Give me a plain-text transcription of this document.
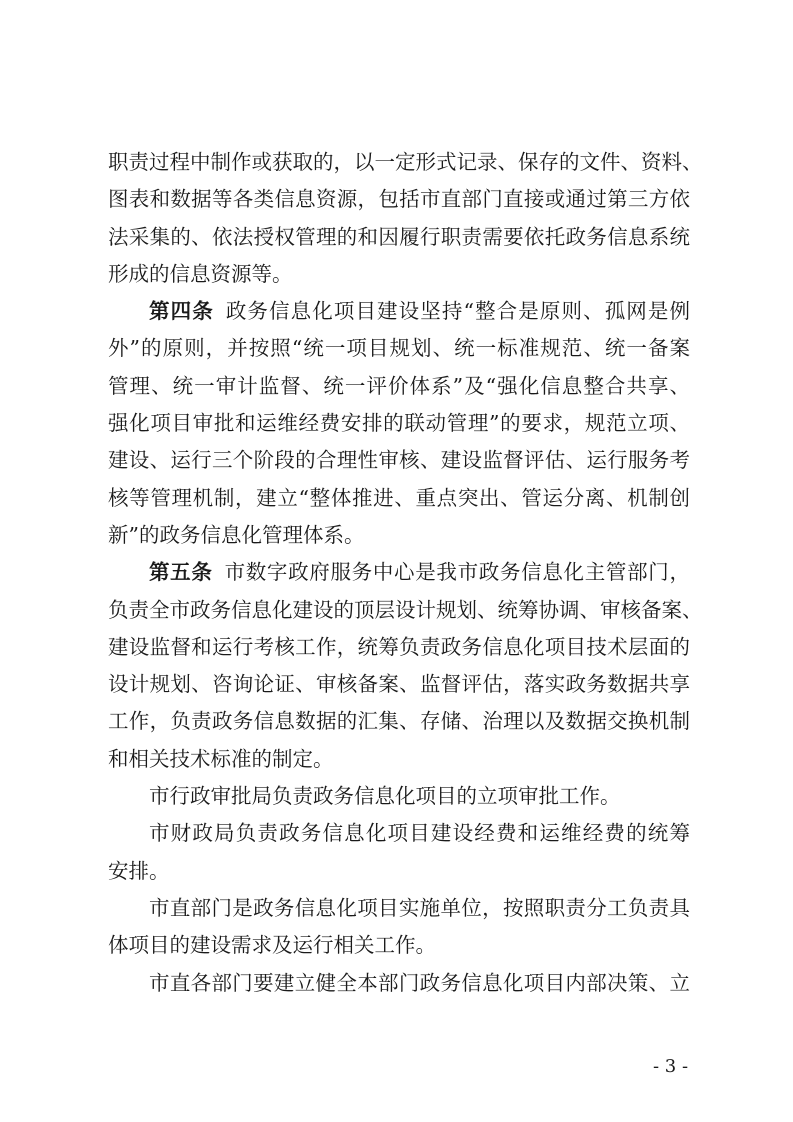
职责过程中制作或获取的，以一定形式记录、保存的文件、资料、
图表和数据等各类信息资源，包括市直部门直接或通过第三方依
法采集的、依法授权管理的和因履行职责需要依托政务信息系统
形成的信息资源等。
第四条 政务信息化项目建设坚持“整合是原则、孤网是例
外”的原则，并按照“统一项目规划、统一标准规范、统一备案
管理、统一审计监督、统一评价体系”及“强化信息整合共享、
强化项目审批和运维经费安排的联动管理”的要求，规范立项、
建设、运行三个阶段的合理性审核、建设监督评估、运行服务考
核等管理机制，建立“整体推进、重点突出、管运分离、机制创
新”的政务信息化管理体系。
第五条 市数字政府服务中心是我市政务信息化主管部门，
负责全市政务信息化建设的顶层设计规划、统筹协调、审核备案、
建设监督和运行考核工作，统筹负责政务信息化项目技术层面的
设计规划、咨询论证、审核备案、监督评估，落实政务数据共享
工作，负责政务信息数据的汇集、存储、治理以及数据交换机制
和相关技术标准的制定。
市行政审批局负责政务信息化项目的立项审批工作。
市财政局负责政务信息化项目建设经费和运维经费的统筹
安排。
市直部门是政务信息化项目实施单位，按照职责分工负责具
体项目的建设需求及运行相关工作。
市直各部门要建立健全本部门政务信息化项目内部决策、立
- 3 -
